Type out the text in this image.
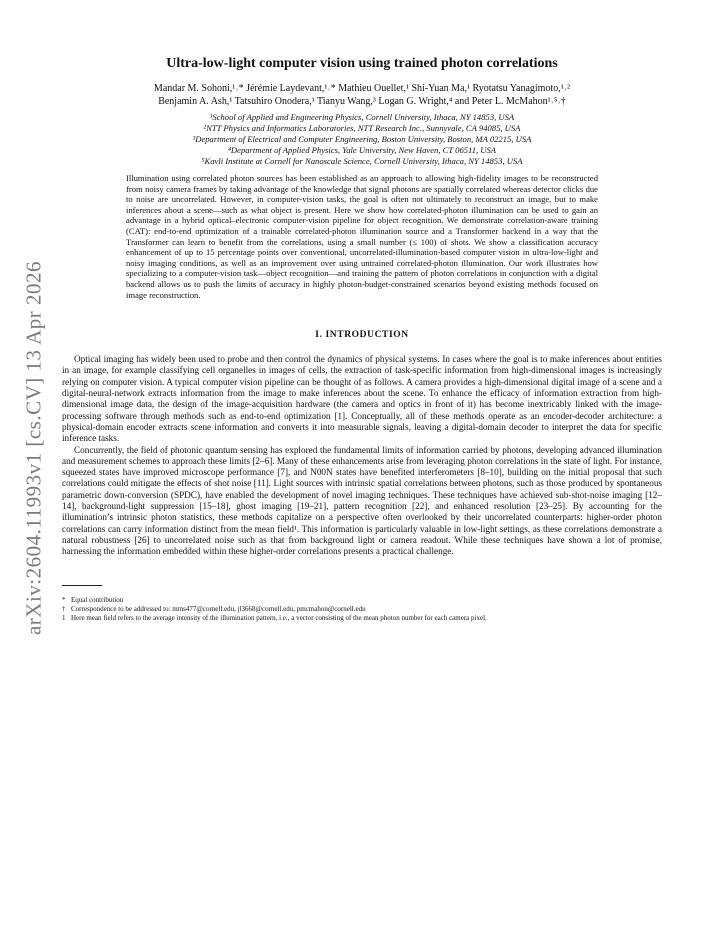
arXiv:2604.11993v1 [cs.CV] 13 Apr 2026
Ultra-low-light computer vision using trained photon correlations

Mandar M. Sohoni,¹˒* Jérémie Laydevant,¹˒* Mathieu Ouellet,¹ Shi-Yuan Ma,¹ Ryotatsu Yanagimoto,¹˒²

Benjamin A. Ash,¹ Tatsuhiro Onodera,¹ Tianyu Wang,³ Logan G. Wright,⁴ and Peter L. McMahon¹˒⁵˒†

¹School of Applied and Engineering Physics, Cornell University, Ithaca, NY 14853, USA
²NTT Physics and Informatics Laboratories, NTT Research Inc., Sunnyvale, CA 94085, USA
³Department of Electrical and Computer Engineering, Boston University, Boston, MA 02215, USA
⁴Department of Applied Physics, Yale University, New Haven, CT 06511, USA
⁵Kavli Institute at Cornell for Nanoscale Science, Cornell University, Ithaca, NY 14853, USA

Illumination using correlated photon sources has been established as an approach to allowing high-fidelity images to be reconstructed from noisy camera frames by taking advantage of the knowledge that signal photons are spatially correlated whereas detector clicks due to noise are uncorrelated. However, in computer-vision tasks, the goal is often not ultimately to reconstruct an image, but to make inferences about a scene—such as what object is present. Here we show how correlated-photon illumination can be used to gain an advantage in a hybrid optical–electronic computer-vision pipeline for object recognition. We demonstrate correlation-aware training (CAT): end-to-end optimization of a trainable correlated-photon illumination source and a Transformer backend in a way that the Transformer can learn to benefit from the correlations, using a small number (≤ 100) of shots. We show a classification accuracy enhancement of up to 15 percentage points over conventional, uncorrelated-illumination-based computer vision in ultra-low-light and noisy imaging conditions, as well as an improvement over using untrained correlated-photon illumination. Our work illustrates how specializing to a computer-vision task—object recognition—and training the pattern of photon correlations in conjunction with a digital backend allows us to push the limits of accuracy in highly photon-budget-constrained scenarios beyond existing methods focused on image reconstruction.

I. INTRODUCTION

Optical imaging has widely been used to probe and then control the dynamics of physical systems. In cases where the goal is to make inferences about entities in an image, for example classifying cell organelles in images of cells, the extraction of task-specific information from high-dimensional images is increasingly relying on computer vision. A typical computer vision pipeline can be thought of as follows. A camera provides a high-dimensional digital image of a scene and a digital-neural-network extracts information from the image to make inferences about the scene. To enhance the efficacy of information extraction from high-dimensional image data, the design of the image-acquisition hardware (the camera and optics in front of it) has become inextricably linked with the image-processing software through methods such as end-to-end optimization [1]. Conceptually, all of these methods operate as an encoder-decoder architecture: a physical-domain encoder extracts scene information and converts it into measurable signals, leaving a digital-domain decoder to interpret the data for specific inference tasks.

Concurrently, the field of photonic quantum sensing has explored the fundamental limits of information carried by photons, developing advanced illumination and measurement schemes to approach these limits [2–6]. Many of these enhancements arise from leveraging photon correlations in the state of light. For instance, squeezed states have improved microscope performance [7], and N00N states have benefited interferometers [8–10], building on the initial proposal that such correlations could mitigate the effects of shot noise [11]. Light sources with intrinsic spatial correlations between photons, such as those produced by spontaneous parametric down-conversion (SPDC), have enabled the development of novel imaging techniques. These techniques have achieved sub-shot-noise imaging [12–14], background-light suppression [15–18], ghost imaging [19–21], pattern recognition [22], and enhanced resolution [23–25]. By accounting for the illumination’s intrinsic photon statistics, these methods capitalize on a perspective often overlooked by their uncorrelated counterparts: higher-order photon correlations can carry information distinct from the mean field¹. This information is particularly valuable in low-light settings, as these correlations demonstrate a natural robustness [26] to uncorrelated noise such as that from background light or camera readout. While these techniques have shown a lot of promise, harnessing the information embedded within these higher-order correlations presents a practical challenge.

* Equal contribution
† Correspondence to be addressed to: mms477@cornell.edu, jl3668@cornell.edu, pmcmahon@cornell.edu
1 Here mean field refers to the average intensity of the illumination pattern, i.e., a vector consisting of the mean photon number for each camera pixel.
